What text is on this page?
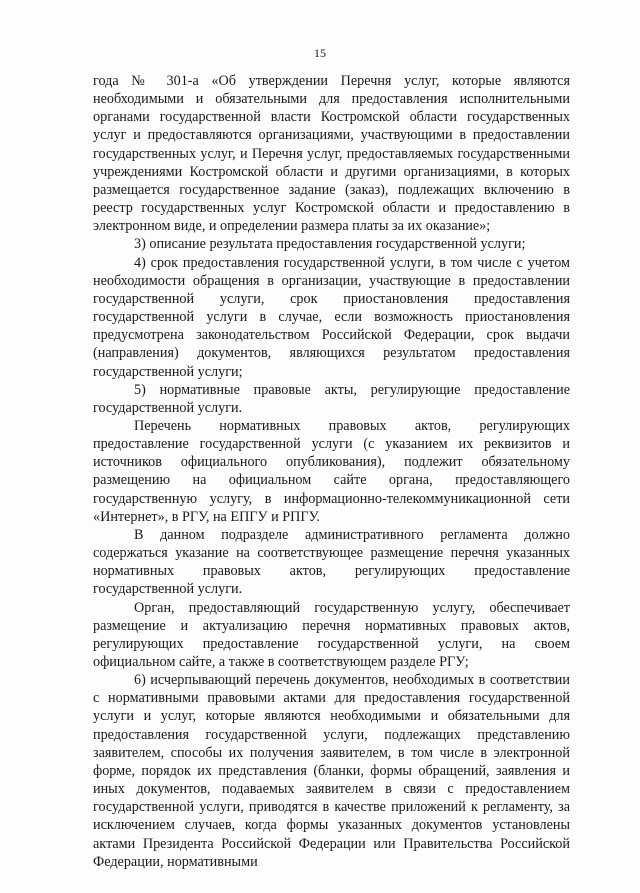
15

года № 301-а «Об утверждении Перечня услуг, которые являются необходимыми и обязательными для предоставления исполнительными органами государственной власти Костромской области государственных услуг и предоставляются организациями, участвующими в предоставлении государственных услуг, и Перечня услуг, предоставляемых государственными учреждениями Костромской области и другими организациями, в которых размещается государственное задание (заказ), подлежащих включению в реестр государственных услуг Костромской области и предоставлению в электронном виде, и определении размера платы за их оказание»;

3) описание результата предоставления государственной услуги;

4) срок предоставления государственной услуги, в том числе с учетом необходимости обращения в организации, участвующие в предоставлении государственной услуги, срок приостановления предоставления государственной услуги в случае, если возможность приостановления предусмотрена законодательством Российской Федерации, срок выдачи (направления) документов, являющихся результатом предоставления государственной услуги;

5) нормативные правовые акты, регулирующие предоставление государственной услуги.

Перечень нормативных правовых актов, регулирующих предоставление государственной услуги (с указанием их реквизитов и источников официального опубликования), подлежит обязательному размещению на официальном сайте органа, предоставляющего государственную услугу, в информационно-телекоммуникационной сети «Интернет», в РГУ, на ЕПГУ и РПГУ.

В данном подразделе административного регламента должно содержаться указание на соответствующее размещение перечня указанных нормативных правовых актов, регулирующих предоставление государственной услуги.

Орган, предоставляющий государственную услугу, обеспечивает размещение и актуализацию перечня нормативных правовых актов, регулирующих предоставление государственной услуги, на своем официальном сайте, а также в соответствующем разделе РГУ;

6) исчерпывающий перечень документов, необходимых в соответствии с нормативными правовыми актами для предоставления государственной услуги и услуг, которые являются необходимыми и обязательными для предоставления государственной услуги, подлежащих представлению заявителем, способы их получения заявителем, в том числе в электронной форме, порядок их представления (бланки, формы обращений, заявления и иных документов, подаваемых заявителем в связи с предоставлением государственной услуги, приводятся в качестве приложений к регламенту, за исключением случаев, когда формы указанных документов установлены актами Президента Российской Федерации или Правительства Российской Федерации, нормативными
